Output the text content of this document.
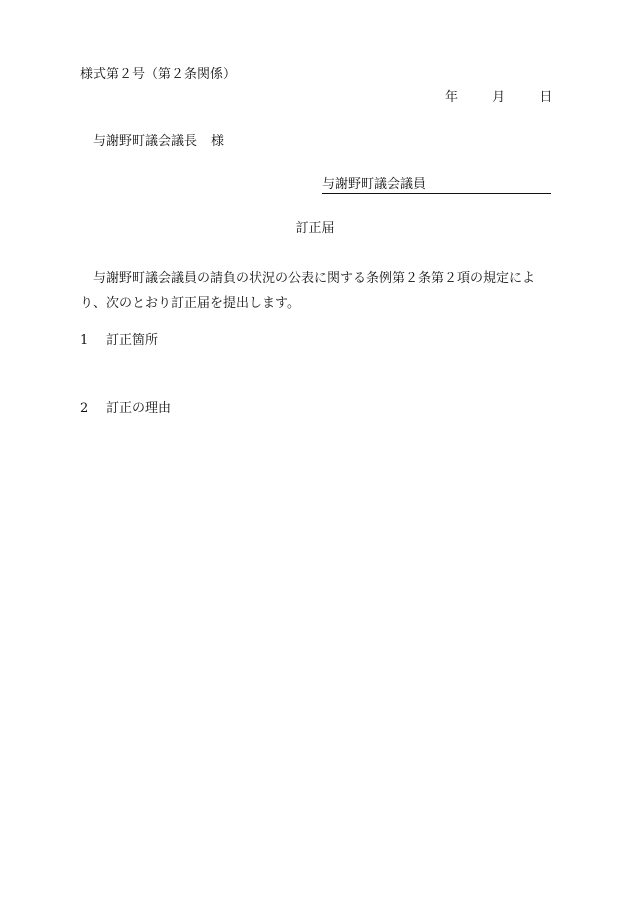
様式第２号（第２条関係）
年	月	日
与謝野町議会議長 様
与謝野町議会議員
訂正届
与謝野町議会議員の請負の状況の公表に関する条例第２条第２項の規定により、次のとおり訂正届を提出します。
1 訂正箇所
2 訂正の理由
